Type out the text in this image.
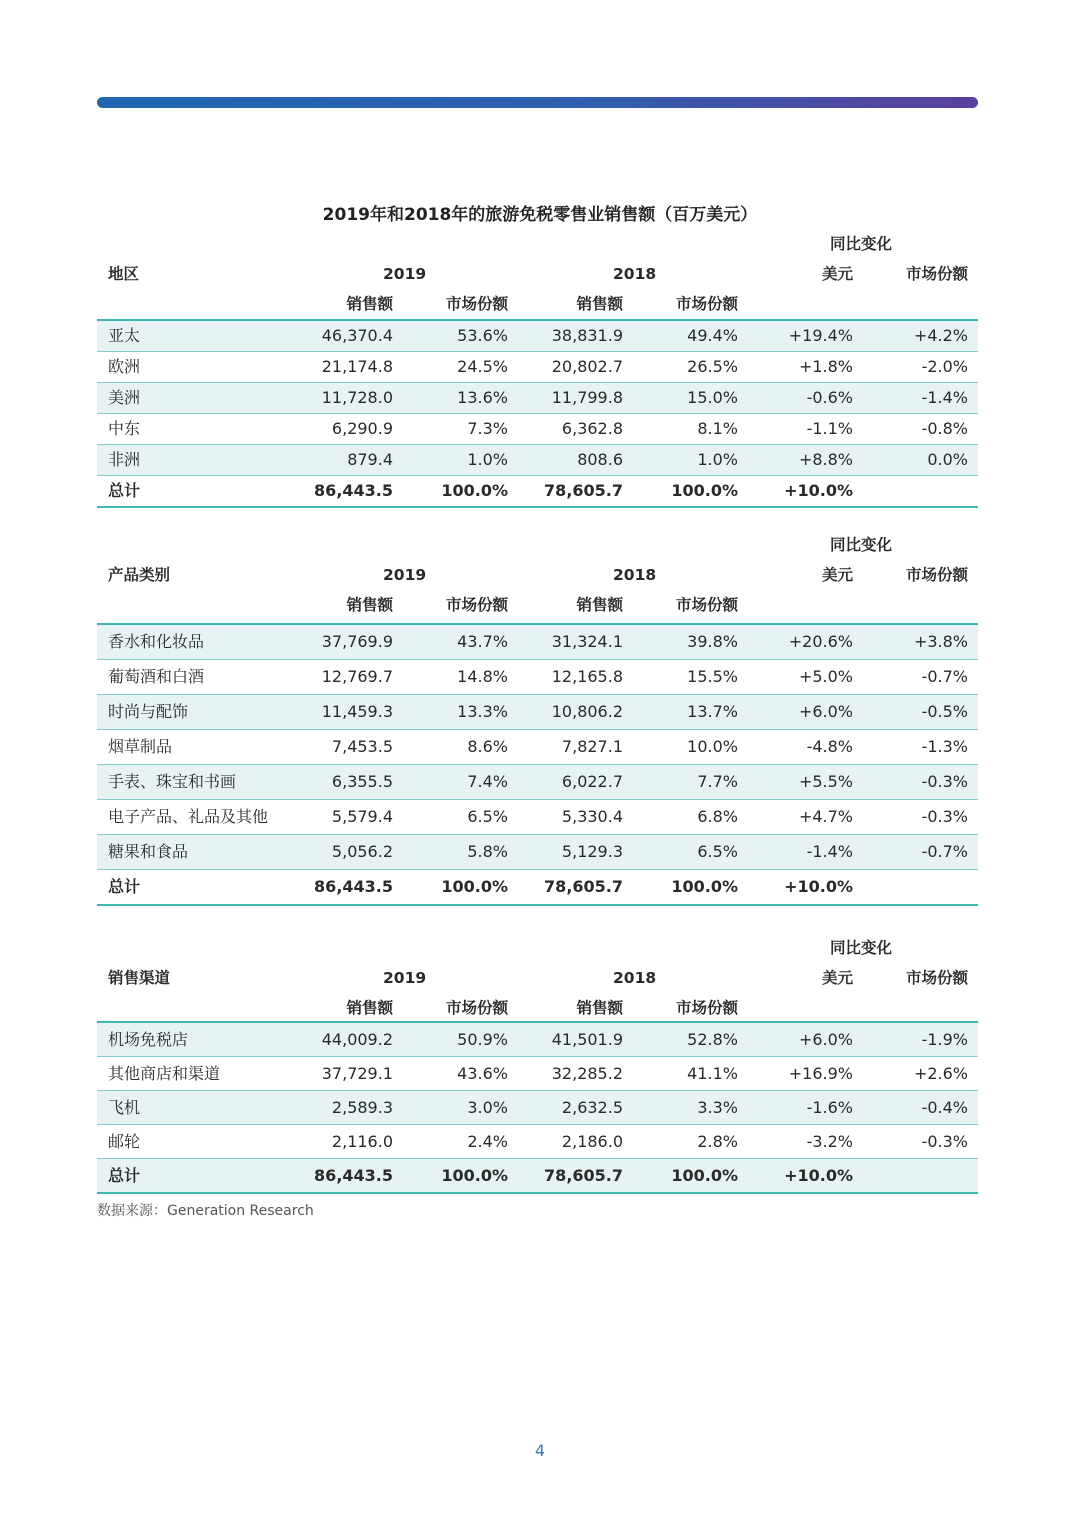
2019年和2018年的旅游免税零售业销售额（百万美元）
同比变化
地区	2019	2018	美元	市场份额
销售额	市场份额	销售额	市场份额
亚太	46,370.4	53.6%	38,831.9	49.4%	+19.4%	+4.2%
欧洲	21,174.8	24.5%	20,802.7	26.5%	+1.8%	-2.0%
美洲	11,728.0	13.6%	11,799.8	15.0%	-0.6%	-1.4%
中东	6,290.9	7.3%	6,362.8	8.1%	-1.1%	-0.8%
非洲	879.4	1.0%	808.6	1.0%	+8.8%	0.0%
总计	86,443.5	100.0% 78,605.7	100.0%	+10.0%
同比变化
产品类别	2019	2018	美元	市场份额
销售额	市场份额	销售额	市场份额
香水和化妆品	37,769.9	43.7%	31,324.1	39.8%	+20.6%	+3.8%
葡萄酒和白酒	12,769.7	14.8%	12,165.8	15.5%	+5.0%	-0.7%
时尚与配饰	11,459.3	13.3%	10,806.2	13.7%	+6.0%	-0.5%
烟草制品	7,453.5	8.6%	7,827.1	10.0%	-4.8%	-1.3%
手表、珠宝和书画	6,355.5	7.4%	6,022.7	7.7%	+5.5%	-0.3%
电子产品、礼品及其他	5,579.4	6.5%	5,330.4	6.8%	+4.7%	-0.3%
糖果和食品	5,056.2	5.8%	5,129.3	6.5%	-1.4%	-0.7%
总计	86,443.5	100.0% 78,605.7	100.0%	+10.0%
同比变化
销售渠道	2019	2018	美元	市场份额
销售额	市场份额	销售额	市场份额
机场免税店	44,009.2	50.9%	41,501.9	52.8%	+6.0%	-1.9%
其他商店和渠道	37,729.1	43.6%	32,285.2	41.1%	+16.9%	+2.6%
飞机	2,589.3	3.0%	2,632.5	3.3%	-1.6%	-0.4%
邮轮	2,116.0	2.4%	2,186.0	2.8%	-3.2%	-0.3%
总计	86,443.5	100.0% 78,605.7	100.0%	+10.0%
数据来源：Generation Research
4
